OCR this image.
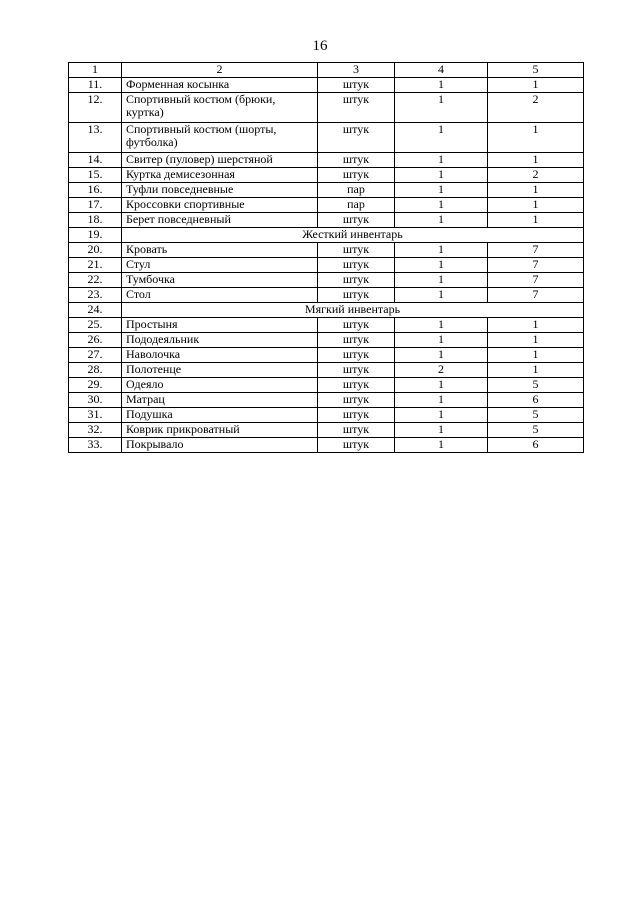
16
1	2	3	4	5
11.	Форменная косынка	штук	1	1
12.	Спортивный костюм (брюки, куртка)	штук	1	2
13.	Спортивный костюм (шорты, футболка)	штук	1	1
14.	Свитер (пуловер) шерстяной	штук	1	1
15.	Куртка демисезонная	штук	1	2
16.	Туфли повседневные	пар	1	1
17.	Кроссовки спортивные	пар	1	1
18.	Берет повседневный	штук	1	1
19.	Жесткий инвентарь			
20.	Кровать	штук	1	7
21.	Стул	штук	1	7
22.	Тумбочка	штук	1	7
23.	Стол	штук	1	7
24.	Мягкий инвентарь			
25.	Простыня	штук	1	1
26.	Пододеяльник	штук	1	1
27.	Наволочка	штук	1	1
28.	Полотенце	штук	2	1
29.	Одеяло	штук	1	5
30.	Матрац	штук	1	6
31.	Подушка	штук	1	5
32.	Коврик прикроватный	штук	1	5
33.	Покрывало	штук	1	6
